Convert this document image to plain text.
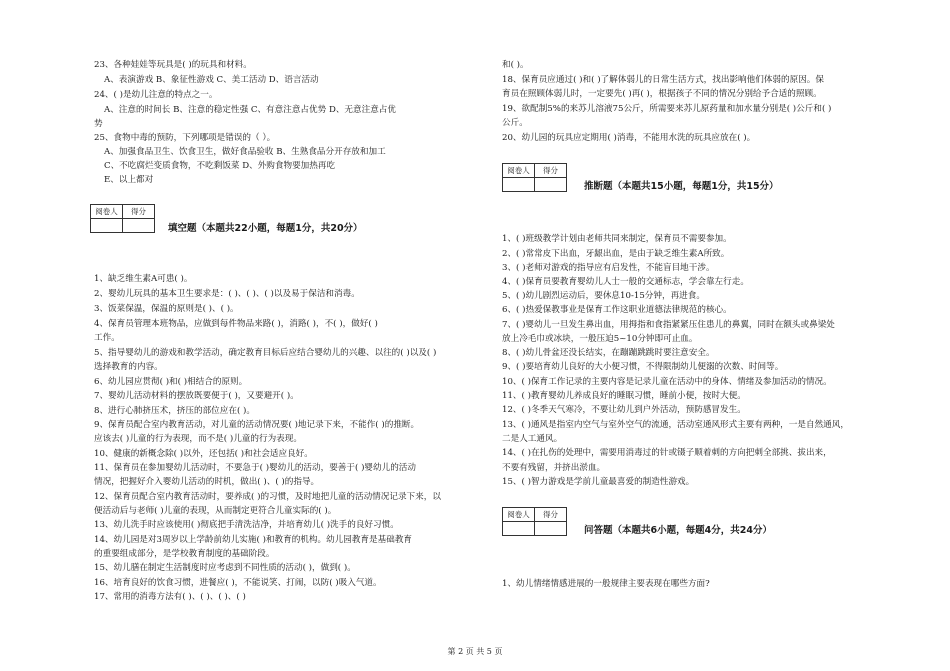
23、各种娃娃等玩具是( )的玩具和材料。
A、表演游戏 B、象征性游戏 C、美工活动 D、语言活动
24、( )是幼儿注意的特点之一。
A、注意的时间长 B、注意的稳定性强 C、有意注意占优势 D、无意注意占优
势
25、食物中毒的预防，下列哪项是错误的（ ）。
A、加强食品卫生、饮食卫生，做好食品验收 B、生熟食品分开存放和加工
C、不吃腐烂变质食物，不吃剩饭菜 D、外购食物要加热再吃
E、以上都对
阅卷人	得分

填空题（本题共22小题，每题1分，共20分）
1、缺乏维生素A可患( )。
2、婴幼儿玩具的基本卫生要求是：( )、( )、( )以及易于保洁和消毒。
3、饭菜保温，保温的原则是( )、( )。
4、保育员管理本班物品，应做到每件物品来路( )，消路( )，不( )，做好( )
工作。
5、指导婴幼儿的游戏和教学活动，确定教育目标后应结合婴幼儿的兴趣、以往的( )以及( )
选择教育的内容。
6、幼儿园应贯彻( )和( )相结合的原则。
7、婴幼儿活动材料的摆放既要便于( )，又要避开( )。
8、进行心肺挤压术，挤压的部位应在( )。
9、保育员配合室内教育活动，对儿童的活动情况要( )地记录下来，不能作( )的推断。
应该去( )儿童的行为表现，而不是( )儿童的行为表现。
10、健康的新概念除( )以外，还包括( )和社会适应良好。
11、保育员在参加婴幼儿活动时，不要急于( )婴幼儿的活动，要善于( )婴幼儿的活动
情况，把握好介入婴幼儿活动的时机，做出( )、( )的指导。
12、保育员配合室内教育活动时，要养成( )的习惯，及时地把儿童的活动情况记录下来，以
便活动后与老师( )儿童的表现，从而制定更符合儿童实际的( )。
13、幼儿洗手时应该使用( )彻底把手清洗洁净，并培育幼儿( )洗手的良好习惯。
14、幼儿园是对3周岁以上学龄前幼儿实施( )和教育的机构。幼儿园教育是基础教育
的重要组成部分，是学校教育制度的基础阶段。
15、幼儿膳在制定生活制度时应考虑到不同性质的活动( )，做到( )。
16、培育良好的饮食习惯，进餐应( )，不能说笑、打闹，以防( )吸入气道。
17、常用的消毒方法有( )、( )、( )、( )
和( )。
18、保育员应通过( )和( )了解体弱儿的日常生活方式，找出影响他们体弱的原因。保
育员在照顾体弱儿时，一定要先( )再( )，根据孩子不同的情况分别给予合适的照顾。
19、欲配制5%的来苏儿溶液75公斤，所需要来苏儿原药量和加水量分别是( )公斤和( )
公斤。
20、幼儿园的玩具应定期用( )消毒，不能用水洗的玩具应放在( )。
阅卷人	得分

推断题（本题共15小题，每题1分，共15分）
1、( )班级教学计划由老师共同来制定，保育员不需要参加。
2、( )常常皮下出血，牙龈出血，是由于缺乏维生素A所致。
3、( )老师对游戏的指导应有启发性，不能盲目地干涉。
4、( )保育员要教育婴幼儿人士一般的交通标志，学会靠左行走。
5、( )幼儿剧烈运动后，要休息10-15分钟，再进食。
6、( )热爱保教事业是保育工作这职业道德法律规范的核心。
7、( )婴幼儿一旦发生鼻出血，用拇指和食指紧紧压住患儿的鼻翼，同时在额头或鼻梁处
放上冷毛巾或冰块，一般压迫5~10分钟即可止血。
8、( )幼儿骨盆还没长结实，在蹦蹦跳跳时要注意安全。
9、( )要培育幼儿良好的大小便习惯，不得限制幼儿便溺的次数、时间等。
10、( )保育工作记录的主要内容是记录儿童在活动中的身体、情绪及参加活动的情况。
11、( )教育婴幼儿养成良好的睡眠习惯，睡前小便，按时大便。
12、( )冬季天气寒冷，不要让幼儿到户外活动，预防感冒发生。
13、( )通风是指室内空气与室外空气的流通，活动室通风形式主要有两种，一是自然通风，
二是人工通风。
14、( )在扎伤的处理中，需要用消毒过的针或镊子顺着刺的方向把刺全部挑、拔出来，
不要有残留，并挤出淤血。
15、( )智力游戏是学前儿童最喜爱的制造性游戏。
阅卷人	得分

问答题（本题共6小题，每题4分，共24分）
1、幼儿情绪情感进展的一般规律主要表现在哪些方面?
第 2 页 共 5 页
